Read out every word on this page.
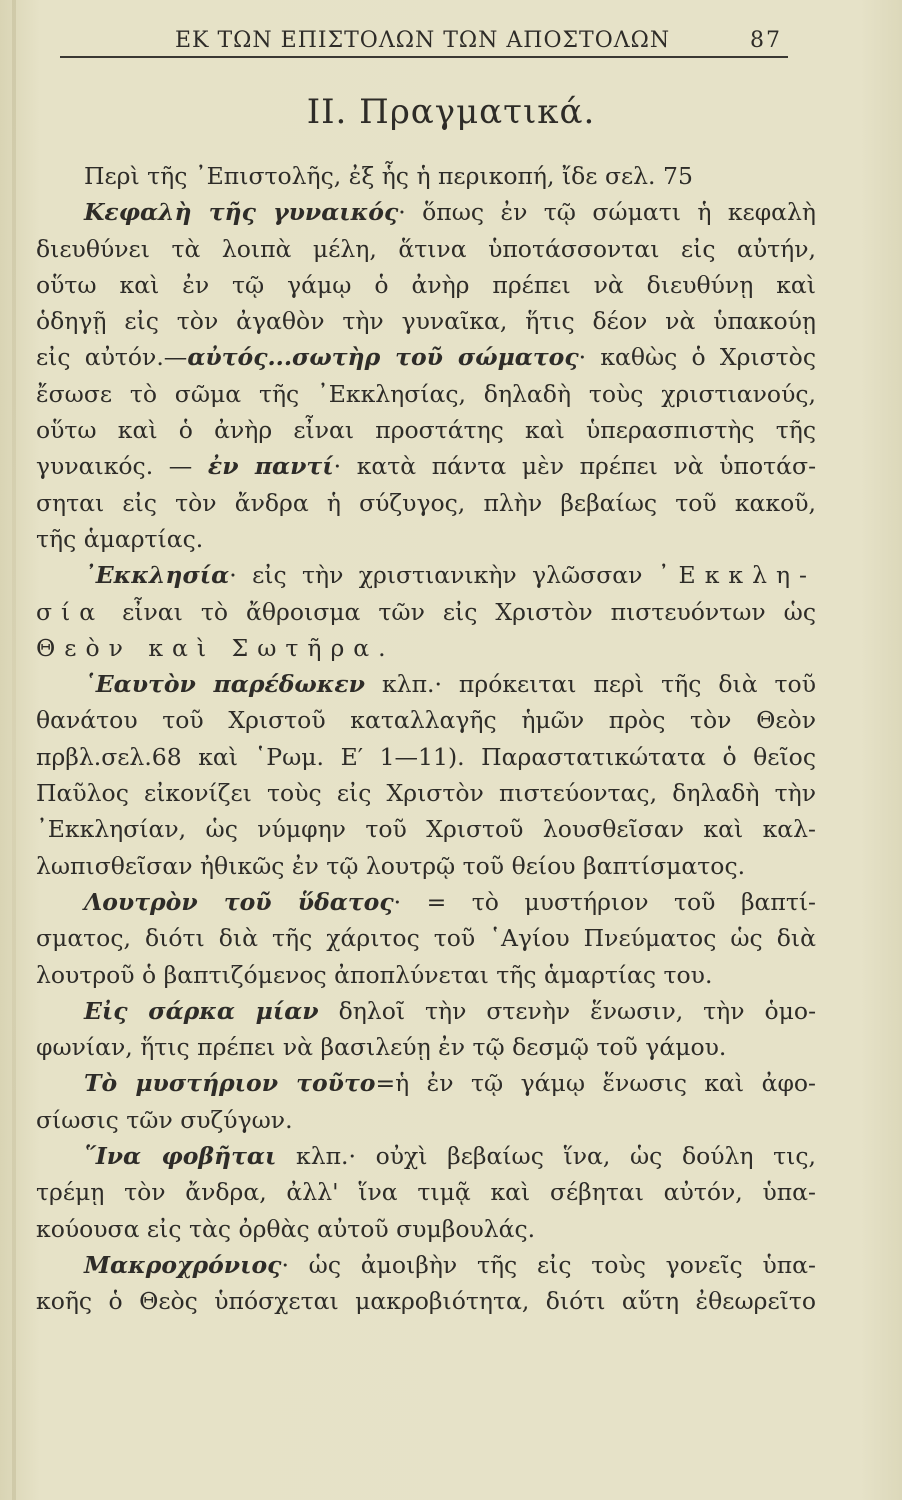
ΕΚ ΤΩΝ ΕΠΙΣΤΟΛΩΝ ΤΩΝ ΑΠΟΣΤΟΛΩΝ	87
ΙΙ. Πραγματικά.
Περὶ τῆς ᾽Επιστολῆς, ἐξ ἧς ἡ περικοπή, ἴδε σελ. 75
Κεφαλὴ τῆς γυναικός· ὅπως ἐν τῷ σώματι ἡ κεφαλὴ
διευθύνει τὰ λοιπὰ μέλη, ἅτινα ὑποτάσσονται εἰς αὐτήν,
οὕτω καὶ ἐν τῷ γάμῳ ὁ ἀνὴρ πρέπει νὰ διευθύνῃ καὶ
ὁδηγῇ εἰς τὸν ἀγαθὸν τὴν γυναῖκα, ἥτις δέον νὰ ὑπακούῃ
εἰς αὐτόν.—αὐτός...σωτὴρ τοῦ σώματος· καθὼς ὁ Χριστὸς
ἔσωσε τὸ σῶμα τῆς ᾽Εκκλησίας, δηλαδὴ τοὺς χριστιανούς,
οὕτω καὶ ὁ ἀνὴρ εἶναι προστάτης καὶ ὑπερασπιστὴς τῆς
γυναικός. — ἐν παντί· κατὰ πάντα μὲν πρέπει νὰ ὑποτάσ-
σηται εἰς τὸν ἄνδρα ἡ σύζυγος, πλὴν βεβαίως τοῦ κακοῦ,
τῆς ἁμαρτίας.
᾽Εκκλησία· εἰς τὴν χριστιανικὴν γλῶσσαν ᾽Εκκλη-
σία εἶναι τὸ ἄθροισμα τῶν εἰς Χριστὸν πιστευόντων ὡς
Θεὸν καὶ Σωτῆρα.
῾Εαυτὸν παρέδωκεν κλπ.· πρόκειται περὶ τῆς διὰ τοῦ
θανάτου τοῦ Χριστοῦ καταλλαγῆς ἡμῶν πρὸς τὸν Θεὸν
πρβλ.σελ.68 καὶ ῾Ρωμ. Ε′ 1—11). Παραστατικώτατα ὁ θεῖος
Παῦλος εἰκονίζει τοὺς εἰς Χριστὸν πιστεύοντας, δηλαδὴ τὴν
᾽Εκκλησίαν, ὡς νύμφην τοῦ Χριστοῦ λουσθεῖσαν καὶ καλ-
λωπισθεῖσαν ἠθικῶς ἐν τῷ λουτρῷ τοῦ θείου βαπτίσματος.
Λουτρὸν τοῦ ὕδατος· = τὸ μυστήριον τοῦ βαπτί-
σματος, διότι διὰ τῆς χάριτος τοῦ ῾Αγίου Πνεύματος ὡς διὰ
λουτροῦ ὁ βαπτιζόμενος ἀποπλύνεται τῆς ἁμαρτίας του.
Εἰς σάρκα μίαν δηλοῖ τὴν στενὴν ἕνωσιν, τὴν ὁμο-
φωνίαν, ἥτις πρέπει νὰ βασιλεύῃ ἐν τῷ δεσμῷ τοῦ γάμου.
Τὸ μυστήριον τοῦτο=ἡ ἐν τῷ γάμῳ ἕνωσις καὶ ἀφο-
σίωσις τῶν συζύγων.
῞Ινα φοβῆται κλπ.· οὐχὶ βεβαίως ἵνα, ὡς δούλη τις,
τρέμῃ τὸν ἄνδρα, ἀλλ' ἵνα τιμᾷ καὶ σέβηται αὐτόν, ὑπα-
κούουσα εἰς τὰς ὀρθὰς αὐτοῦ συμβουλάς.
Μακροχρόνιος· ὡς ἀμοιβὴν τῆς εἰς τοὺς γονεῖς ὑπα-
κοῆς ὁ Θεὸς ὑπόσχεται μακροβιότητα, διότι αὕτη ἐθεωρεῖτο
